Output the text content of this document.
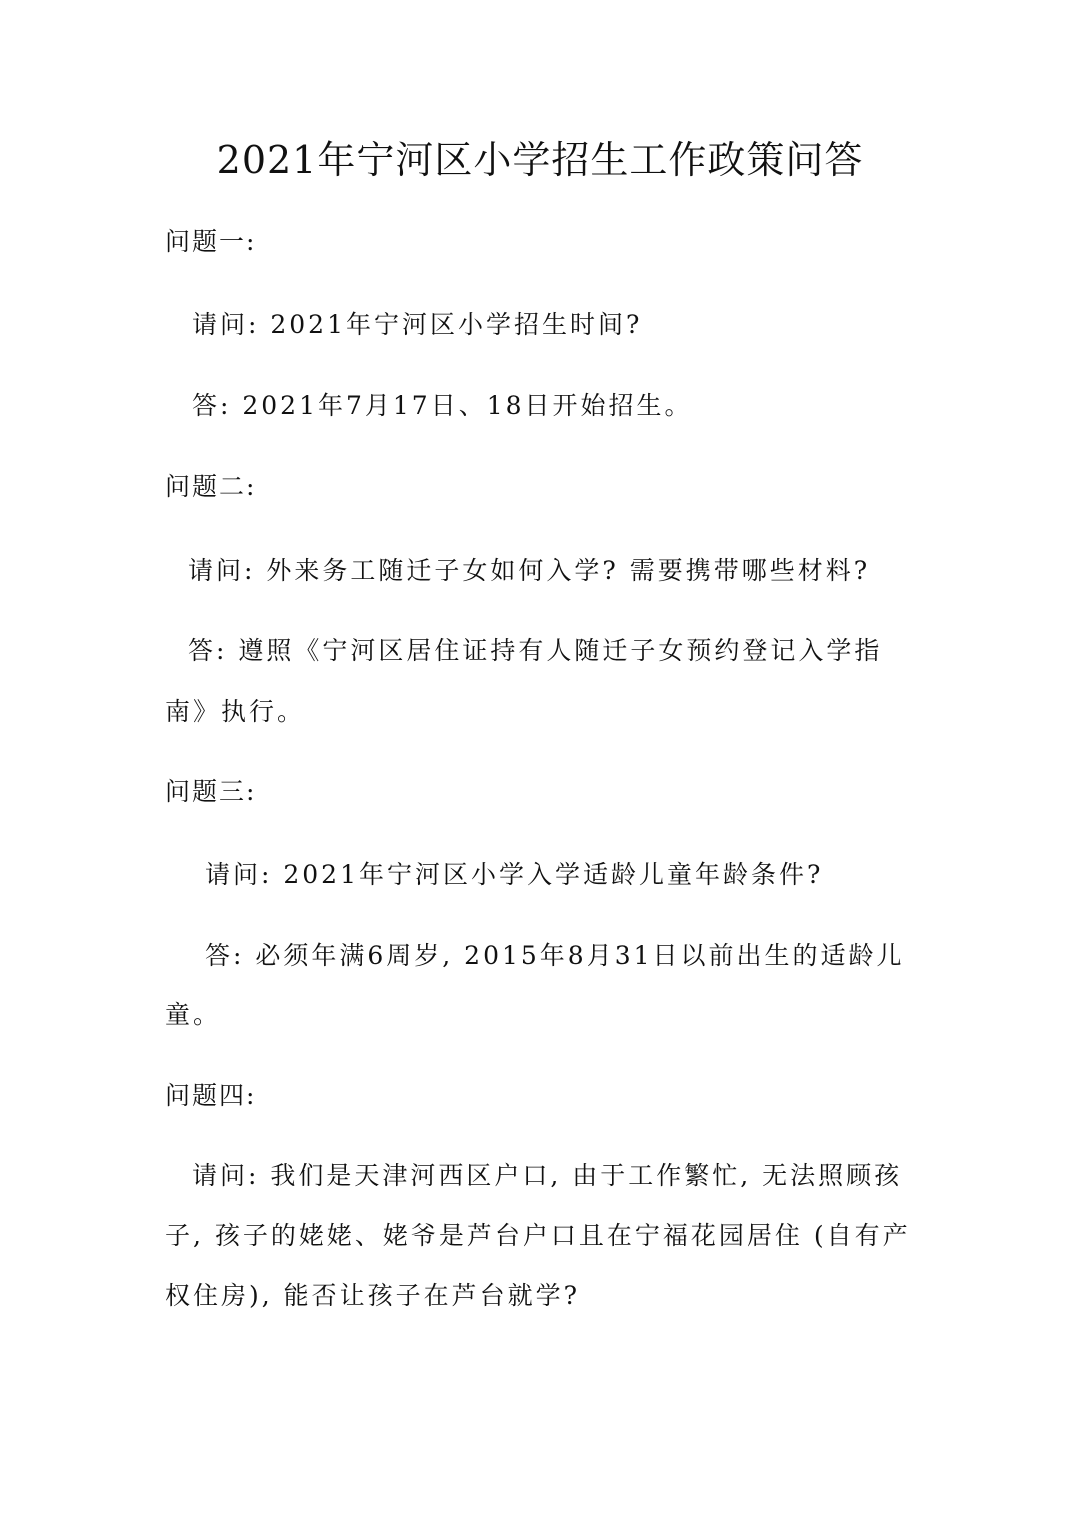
2021年宁河区小学招生工作政策问答
问题一:
请问: 2021年宁河区小学招生时间?
答: 2021年7月17日、18日开始招生。
问题二:
请问: 外来务工随迁子女如何入学? 需要携带哪些材料?
答: 遵照《宁河区居住证持有人随迁子女预约登记入学指
南》执行。
问题三:
请问: 2021年宁河区小学入学适龄儿童年龄条件?
答: 必须年满6周岁, 2015年8月31日以前出生的适龄儿
童。
问题四:
请问: 我们是天津河西区户口, 由于工作繁忙, 无法照顾孩
子, 孩子的姥姥、姥爷是芦台户口且在宁福花园居住 (自有产
权住房), 能否让孩子在芦台就学?
